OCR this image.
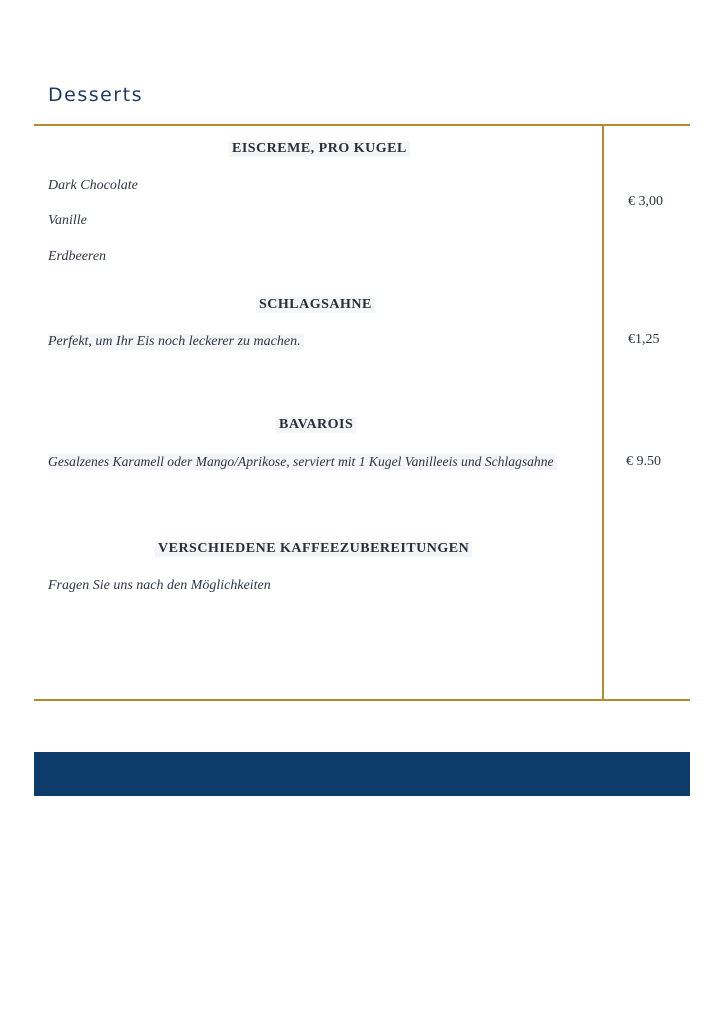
Desserts
EISCREME, PRO KUGEL
Dark Chocolate
Vanille
Erdbeeren
€ 3,00
SCHLAGSAHNE
Perfekt, um Ihr Eis noch leckerer zu machen.	€1,25
BAVAROIS
Gesalzenes Karamell oder Mango/Aprikose, serviert mit 1 Kugel Vanilleeis und Schlagsahne	€ 9.50
VERSCHIEDENE KAFFEEZUBEREITUNGEN
Fragen Sie uns nach den Möglichkeiten
